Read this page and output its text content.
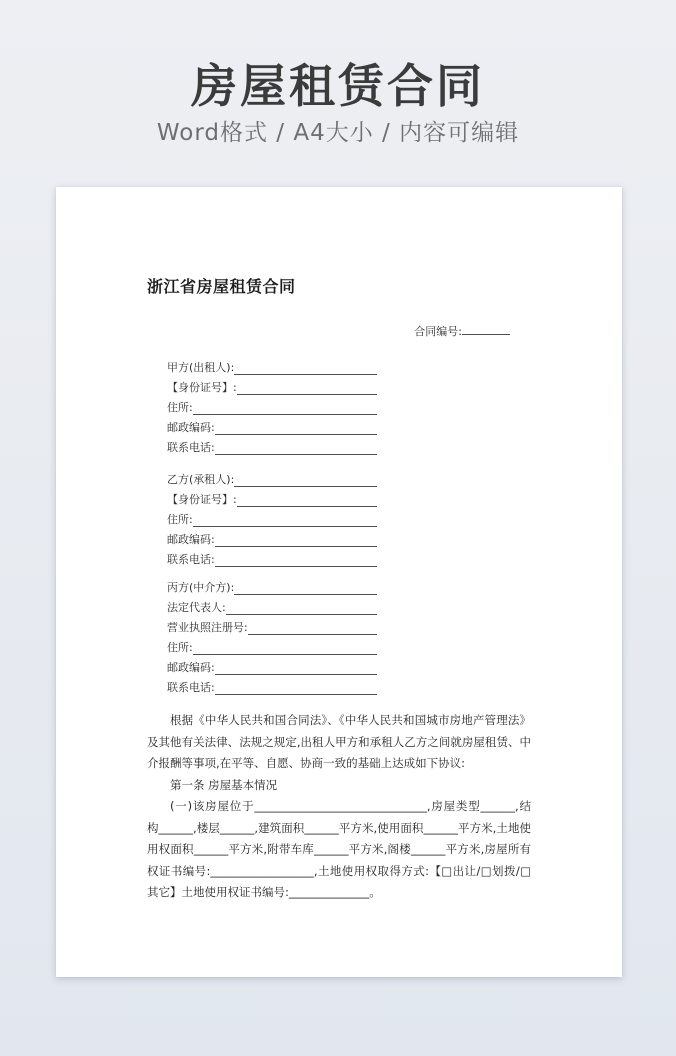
房屋租赁合同

Word格式 / A4大小 / 内容可编辑

浙江省房屋租赁合同
合同编号:
甲方(出租人):
【身份证号】:
住所:
邮政编码:
联系电话:
乙方(承租人):
【身份证号】:
住所:
邮政编码:
联系电话:
丙方(中介方):
法定代表人:
营业执照注册号:
住所:
邮政编码:
联系电话:

根据《中华人民共和国合同法》、《中华人民共和国城市房地产管理法》及其他有关法律、法规之规定,出租人甲方和承租人乙方之间就房屋租赁、中介报酬等事项,在平等、自愿、协商一致的基础上达成如下协议:

第一条 房屋基本情况

(一)该房屋位于______________________________,房屋类型______,结构______,楼层______,建筑面积______平方米,使用面积______平方米,土地使用权面积______平方米,附带车库______平方米,阁楼______平方米,房屋所有权证书编号:__________________,土地使用权取得方式:【□出让/□划拨/□其它】土地使用权证书编号:______________。
